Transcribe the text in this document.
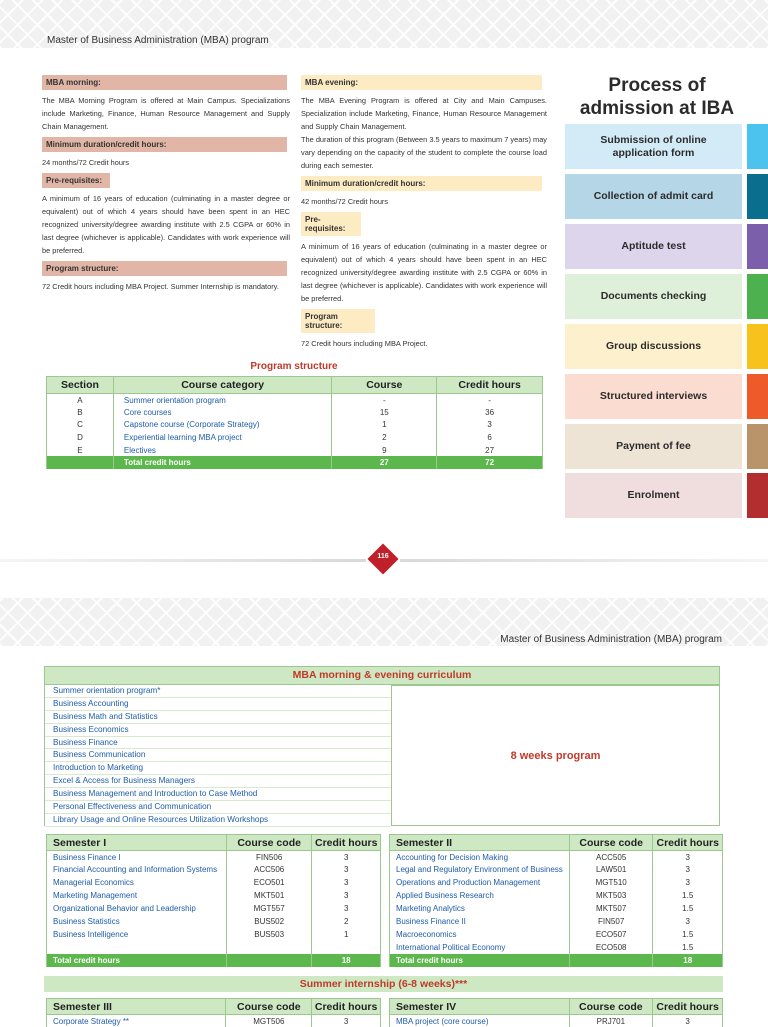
Master of Business Administration (MBA) program
MBA morning:

The MBA Morning Program is offered at Main Campus. Specializations include Marketing, Finance, Human Resource Management and Supply Chain Management.

Minimum duration/credit hours:

24 months/72 Credit hours

Pre-requisites:

A minimum of 16 years of education (culminating in a master degree or equivalent) out of which 4 years should have been spent in an HEC recognized university/degree awarding institute with 2.5 CGPA or 60% in last degree (whichever is applicable). Candidates with work experience will be preferred.

Program structure:

72 Credit hours including MBA Project. Summer Internship is mandatory.

MBA evening:

The MBA Evening Program is offered at City and Main Campuses. Specialization include Marketing, Finance, Human Resource Management and Supply Chain Management.

The duration of this program (Between 3.5 years to maximum 7 years) may vary depending on the capacity of the student to complete the course load during each semester.

Minimum duration/credit hours:

42 months/72 Credit hours

Pre-requisites:

A minimum of 16 years of education (culminating in a master degree or equivalent) out of which 4 years should have been spent in an HEC recognized university/degree awarding institute with 2.5 CGPA or 60% in last degree (whichever is applicable). Candidates with work experience will be preferred.

Program structure:

72 Credit hours including MBA Project.

Process of
admission at IBA
Submission of online application form
Collection of admit card
Aptitude test
Documents checking
Group discussions
Structured interviews
Payment of fee
Enrolment
Program structure
Section	Course category	Course	Credit hours
A	Summer orientation program	-	-
B	Core courses	15	36
C	Capstone course (Corporate Strategy)	1	3
D	Experiential learning MBA project	2	6
E	Electives	9	27
	Total credit hours	27	72
116
Master of Business Administration (MBA) program
MBA morning & evening curriculum
Summer orientation program*
Business Accounting
Business Math and Statistics
Business Economics
Business Finance
Business Communication
Introduction to Marketing
Excel & Access for Business Managers
Business Management and Introduction to Case Method
Personal Effectiveness and Communication
Library Usage and Online Resources Utilization Workshops
8 weeks program
Semester I	Course code	Credit hours
Business Finance I	FIN506	3
Financial Accounting and Information Systems	ACC506	3
Managerial Economics	ECO501	3
Marketing Management	MKT501	3
Organizational Behavior and Leadership	MGT557	3
Business Statistics	BUS502	2
Business Intelligence	BUS503	1

Total credit hours		18
Semester II	Course code	Credit hours
Accounting for Decision Making	ACC505	3
Legal and Regulatory Environment of Business	LAW501	3
Operations and Production Management	MGT510	3
Applied Business Research	MKT503	1.5
Marketing Analytics	MKT507	1.5
Business Finance II	FIN507	3
Macroeconomics	ECO507	1.5
International Political Economy	ECO508	1.5
Total credit hours		18
Summer internship (6-8 weeks)***
Semester III	Course code	Credit hours
Corporate Strategy **	MGT506	3
Semester IV	Course code	Credit hours
MBA project (core course)	PRJ701	3
